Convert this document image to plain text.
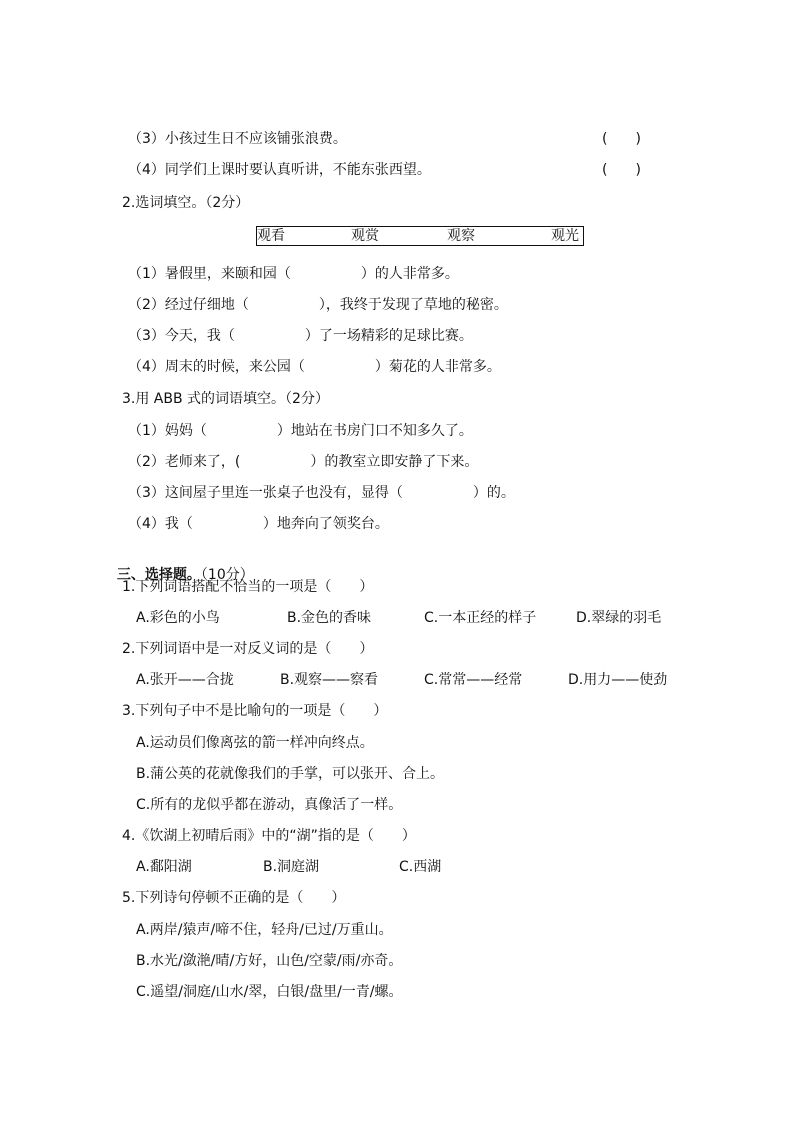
（3）小孩过生日不应该铺张浪费。	(　　)
（4）同学们上课时要认真听讲，不能东张西望。	(　　)
2.选词填空。（2分）
观看	观赏	观察	观光
（1）暑假里，来颐和园（　　　　　）的人非常多。
（2）经过仔细地（　　　　　），我终于发现了草地的秘密。
（3）今天，我（　　　　　）了一场精彩的足球比赛。
（4）周末的时候，来公园（　　　　　）菊花的人非常多。
3.用 ABB 式的词语填空。（2分）
（1）妈妈（　　　　　）地站在书房门口不知多久了。
（2）老师来了，(　　　　　）的教室立即安静了下来。
（3）这间屋子里连一张桌子也没有，显得（　　　　　）的。
（4）我（　　　　　）地奔向了领奖台。

三、选择题。（10分）

1.下列词语搭配不恰当的一项是（　　）
A.彩色的小鸟	B.金色的香味	C.一本正经的样子	D.翠绿的羽毛
2.下列词语中是一对反义词的是（　　）
A.张开——合拢	B.观察——察看	C.常常——经常	D.用力——使劲
3.下列句子中不是比喻句的一项是（　　）
A.运动员们像离弦的箭一样冲向终点。
B.蒲公英的花就像我们的手掌，可以张开、合上。
C.所有的龙似乎都在游动，真像活了一样。
4.《饮湖上初晴后雨》中的“湖”指的是（　　）
A.鄱阳湖	B.洞庭湖	C.西湖
5.下列诗句停顿不正确的是（　　）
A.两岸/猿声/啼不住，轻舟/已过/万重山。
B.水光/潋滟/晴/方好，山色/空蒙/雨/亦奇。
C.遥望/洞庭/山水/翠，白银/盘里/一青/螺。
